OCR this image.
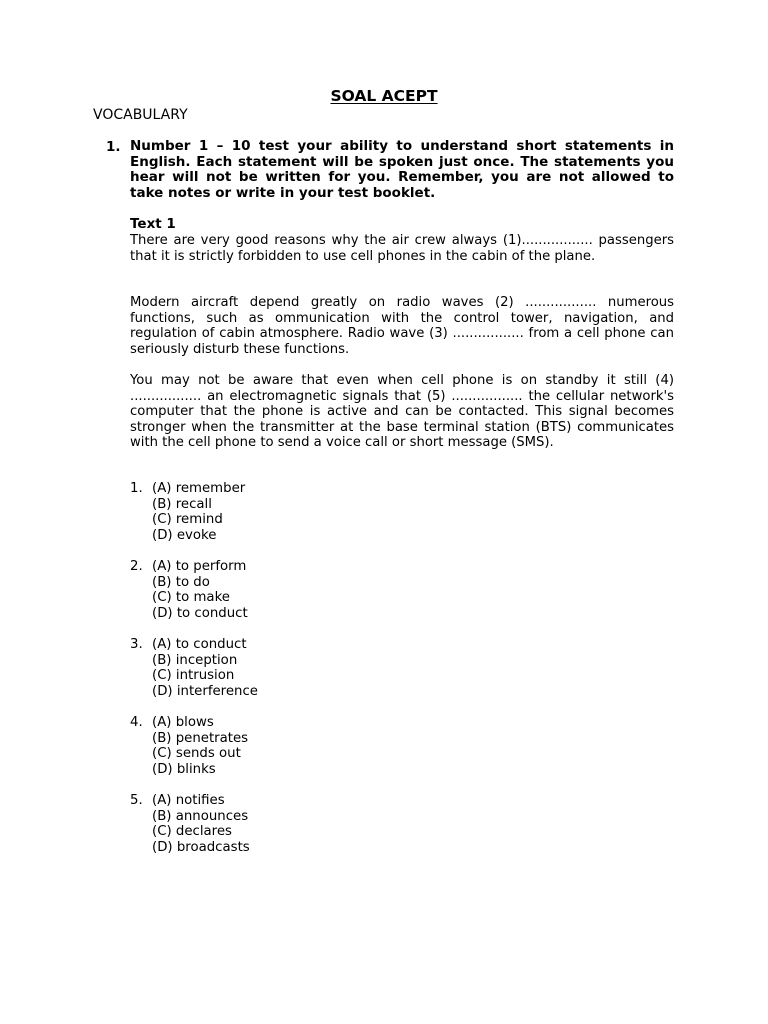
SOAL ACEPT
VOCABULARY
1. Number 1 – 10 test your ability to understand short statements in English. Each statement will be spoken just once. The statements you hear will not be written for you. Remember, you are not allowed to take notes or write in your test booklet.
Text 1
There are very good reasons why the air crew always (1)................. passengers that it is strictly forbidden to use cell phones in the cabin of the plane.
Modern aircraft depend greatly on radio waves (2) ................. numerous functions, such as ommunication with the control tower, navigation, and regulation of cabin atmosphere. Radio wave (3) ................. from a cell phone can seriously disturb these functions.
You may not be aware that even when cell phone is on standby it still (4) ................. an electromagnetic signals that (5) ................. the cellular network's computer that the phone is active and can be contacted. This signal becomes stronger when the transmitter at the base terminal station (BTS) communicates with the cell phone to send a voice call or short message (SMS).
1. (A) remember
(B) recall
(C) remind
(D) evoke
2. (A) to perform
(B) to do
(C) to make
(D) to conduct
3. (A) to conduct
(B) inception
(C) intrusion
(D) interference
4. (A) blows
(B) penetrates
(C) sends out
(D) blinks
5. (A) notifies
(B) announces
(C) declares
(D) broadcasts
